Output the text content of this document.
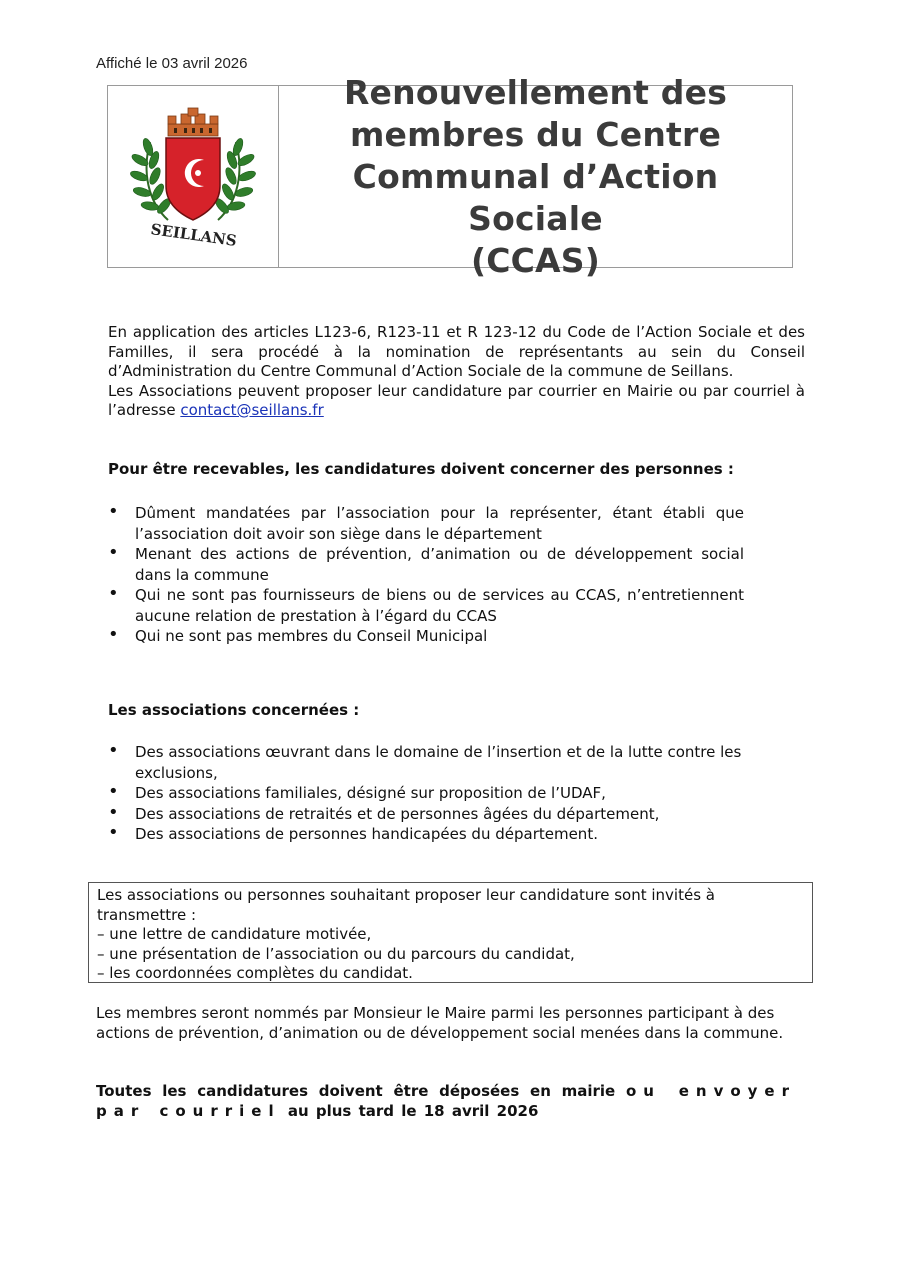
Affiché le 03 avril 2026
SEILLANS
Renouvellement des
membres du Centre
Communal d’Action Sociale
(CCAS)

En application des articles L123-6, R123-11 et R 123-12 du Code de l’Action Sociale et des Familles, il sera procédé à la nomination de représentants au sein du Conseil d’Administration du Centre Communal d’Action Sociale de la commune de Seillans.

Les Associations peuvent proposer leur candidature par courrier en Mairie ou par courriel à l’adresse contact@seillans.fr

Pour être recevables, les candidatures doivent concerner des personnes :
• Dûment mandatées par l’association pour la représenter, étant établi que l’association doit avoir son siège dans le département
• Menant des actions de prévention, d’animation ou de développement social dans la commune
• Qui ne sont pas fournisseurs de biens ou de services au CCAS, n’entretiennent aucune relation de prestation à l’égard du CCAS
• Qui ne sont pas membres du Conseil Municipal
Les associations concernées :
• Des associations œuvrant dans le domaine de l’insertion et de la lutte contre les exclusions,
• Des associations familiales, désigné sur proposition de l’UDAF,
• Des associations de retraités et de personnes âgées du département,
• Des associations de personnes handicapées du département.
Les associations ou personnes souhaitant proposer leur candidature sont invités à transmettre :
– une lettre de candidature motivée,
– une présentation de l’association ou du parcours du candidat,
– les coordonnées complètes du candidat.
Les membres seront nommés par Monsieur le Maire parmi les personnes participant à des actions de prévention, d’animation ou de développement social menées dans la commune.
Toutes les candidatures doivent être déposées en mairie ou envoyer par courriel au plus tard le 18 avril 2026
